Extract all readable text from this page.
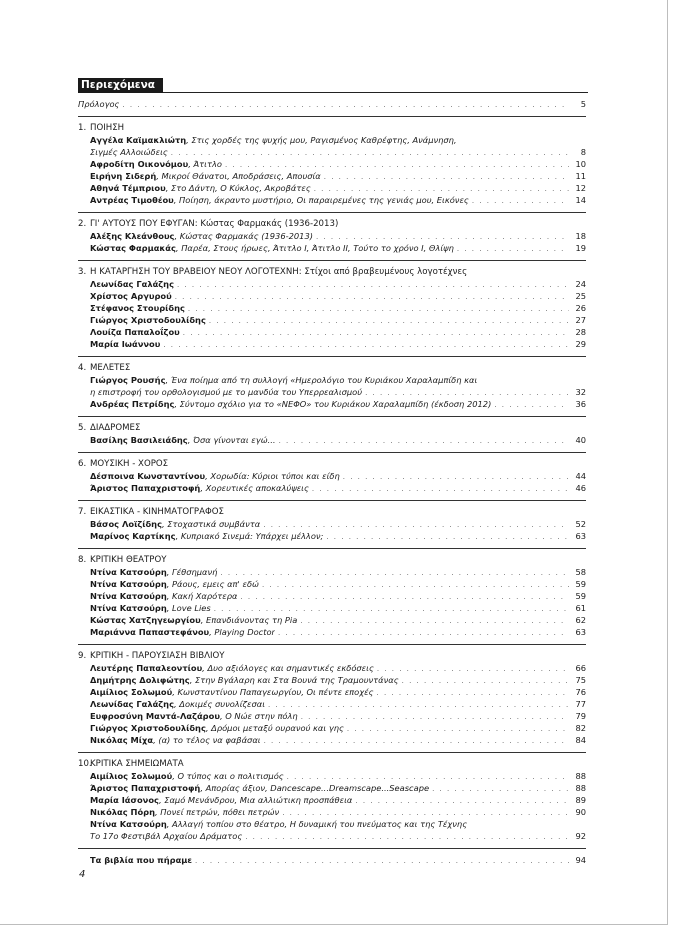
Περιεχόμενα
Πρόλογος . . .	5
1. ΠΟΙΗΣΗ
Αγγέλα Καϊμακλιώτη, Στις χορδές της ψυχής μου, Ραγισμένος Καθρέφτης, Ανάμνηση,
Σιγμές Αλλοιώδεις . . .	8
Αφροδίτη Οικονόμου, Άτιτλο . . .	10
Ειρήνη Σιδερή, Μικροί Θάνατοι, Αποδράσεις, Απουσία . . .	11
Αθηνά Τέμπριου, Στο Δάντη, Ο Κύκλος, Ακροβάτες . . .	12
Αντρέας Τιμοθέου, Ποίηση, άκραντο μυστήριο, Οι παραιρεμένες της γενιάς μου, Εικόνες . . .	14
2. ΓΙ' ΑΥΤΟΥΣ ΠΟΥ ΕΦΥΓΑΝ: Κώστας Φαρμακάς (1936-2013)
Αλέξης Κλεάνθους, Κώστας Φαρμακάς (1936-2013) . . .	18
Κώστας Φαρμακάς, Παρέα, Στους ήρωες, Άτιτλο Ι, Άτιτλο ΙΙ, Τούτο το χρόνο Ι, Θλίψη . . .	19
3. Η ΚΑΤΑΡΓΗΣΗ ΤΟΥ ΒΡΑΒΕΙΟΥ ΝΕΟΥ ΛΟΓΟΤΕΧΝΗ: Στίχοι από βραβευμένους λογοτέχνες
Λεωνίδας Γαλάζης . . .	24
Χρίστος Αργυρού . . .	25
Στέφανος Στουρίδης . . .	26
Γιώργος Χριστοδουλίδης . . .	27
Λουίζα Παπαλοΐζου . . .	28
Μαρία Ιωάννου . . .	29
4. ΜΕΛΕΤΕΣ
Γιώργος Ρουσής, Ένα ποίημα από τη συλλογή «Ημερολόγιο του Κυριάκου Χαραλαμπίδη και
η επιστροφή του ορθολογισμού με το μανδύα του Υπερρεαλισμού . . .	32
Ανδρέας Πετρίδης, Σύντομο σχόλιο για το «ΝΕΦΟ» του Κυριάκου Χαραλαμπίδη (έκδοση 2012) . . .	36
5. ΔΙΑΔΡΟΜΕΣ
Βασίλης Βασιλειάδης, Όσα γίνονται εγώ... . . .	40
6. ΜΟΥΣΙΚΗ - ΧΟΡΟΣ
Δέσποινα Κωνσταντίνου, Χορωδία: Κύριοι τύποι και είδη . . .	44
Άριστος Παπαχριστοφή, Χορευτικές αποκαλύψεις . . .	46
7. ΕΙΚΑΣΤΙΚΑ - ΚΙΝΗΜΑΤΟΓΡΑΦΟΣ
Βάσος Λοϊζίδης, Στοχαστικά συμβάντα . . .	52
Μαρίνος Καρτίκης, Κυπριακό Σινεμά: Υπάρχει μέλλον; . . .	63
8. ΚΡΙΤΙΚΗ ΘΕΑΤΡΟΥ
Ντίνα Κατσούρη, Γέθσημανή . . .	58
Ντίνα Κατσούρη, Ράους, εμεις απ' εδώ . . .	59
Ντίνα Κατσούρη, Κακή Χαρότερα . . .	59
Ντίνα Κατσούρη, Love Lies . . .	61
Κώστας Χατζηγεωργίου, Επανδιάνοντας τη Pia . . .	62
Μαριάννα Παπαστεφάνου, Playing Doctor . . .	63
9. ΚΡΙΤΙΚΗ - ΠΑΡΟΥΣΙΑΣΗ ΒΙΒΛΙΟΥ
Λευτέρης Παπαλεοντίου, Δυο αξιόλογες και σημαντικές εκδόσεις . . .	66
Δημήτρης Δολιφώτης, Στην Βγάλαρη και Στα Βουνά της Τραμουντάνας . . .	75
Αιμίλιος Σολωμού, Κωνσταντίνου Παπαγεωργίου, Οι πέντε εποχές . . .	76
Λεωνίδας Γαλάζης, Δοκιμές συνολίζεσαι . . .	77
Ευφροσύνη Μαντά-Λαζάρου, Ο Νώε στην πόλη . . .	79
Γιώργος Χριστοδουλίδης, Δρόμοι μεταξύ ουρανού και γης . . .	82
Νικόλας Μίχα, (α) το τέλος να φαβάσαι . . .	84
10.
ΚΡΙΤΙΚΑ ΣΗΜΕΙΩΜΑΤΑ
Αιμίλιος Σολωμού, Ο τύπος και ο πολιτισμός . . .	88
Άριστος Παπαχριστοφή, Απορίας άξιον, Dancescape...Dreamscape...Seascape . . .	88
Μαρία Ιάσονος, Σαμό Μενάνδρου, Μια αλλιώτικη προσπάθεια . . .	89
Νικόλας Πόρη, Πονεί πετρών, πόθει πετρών . . .	90
Ντίνα Κατσούρη, Αλλαγή τοπίου στο θέατρο, Η δυναμική του πνεύματος και της Τέχνης
Το 17ο Φεστιβάλ Αρχαίου Δράματος . . .	92
Τα βιβλία που πήραμε . . .	94
4
